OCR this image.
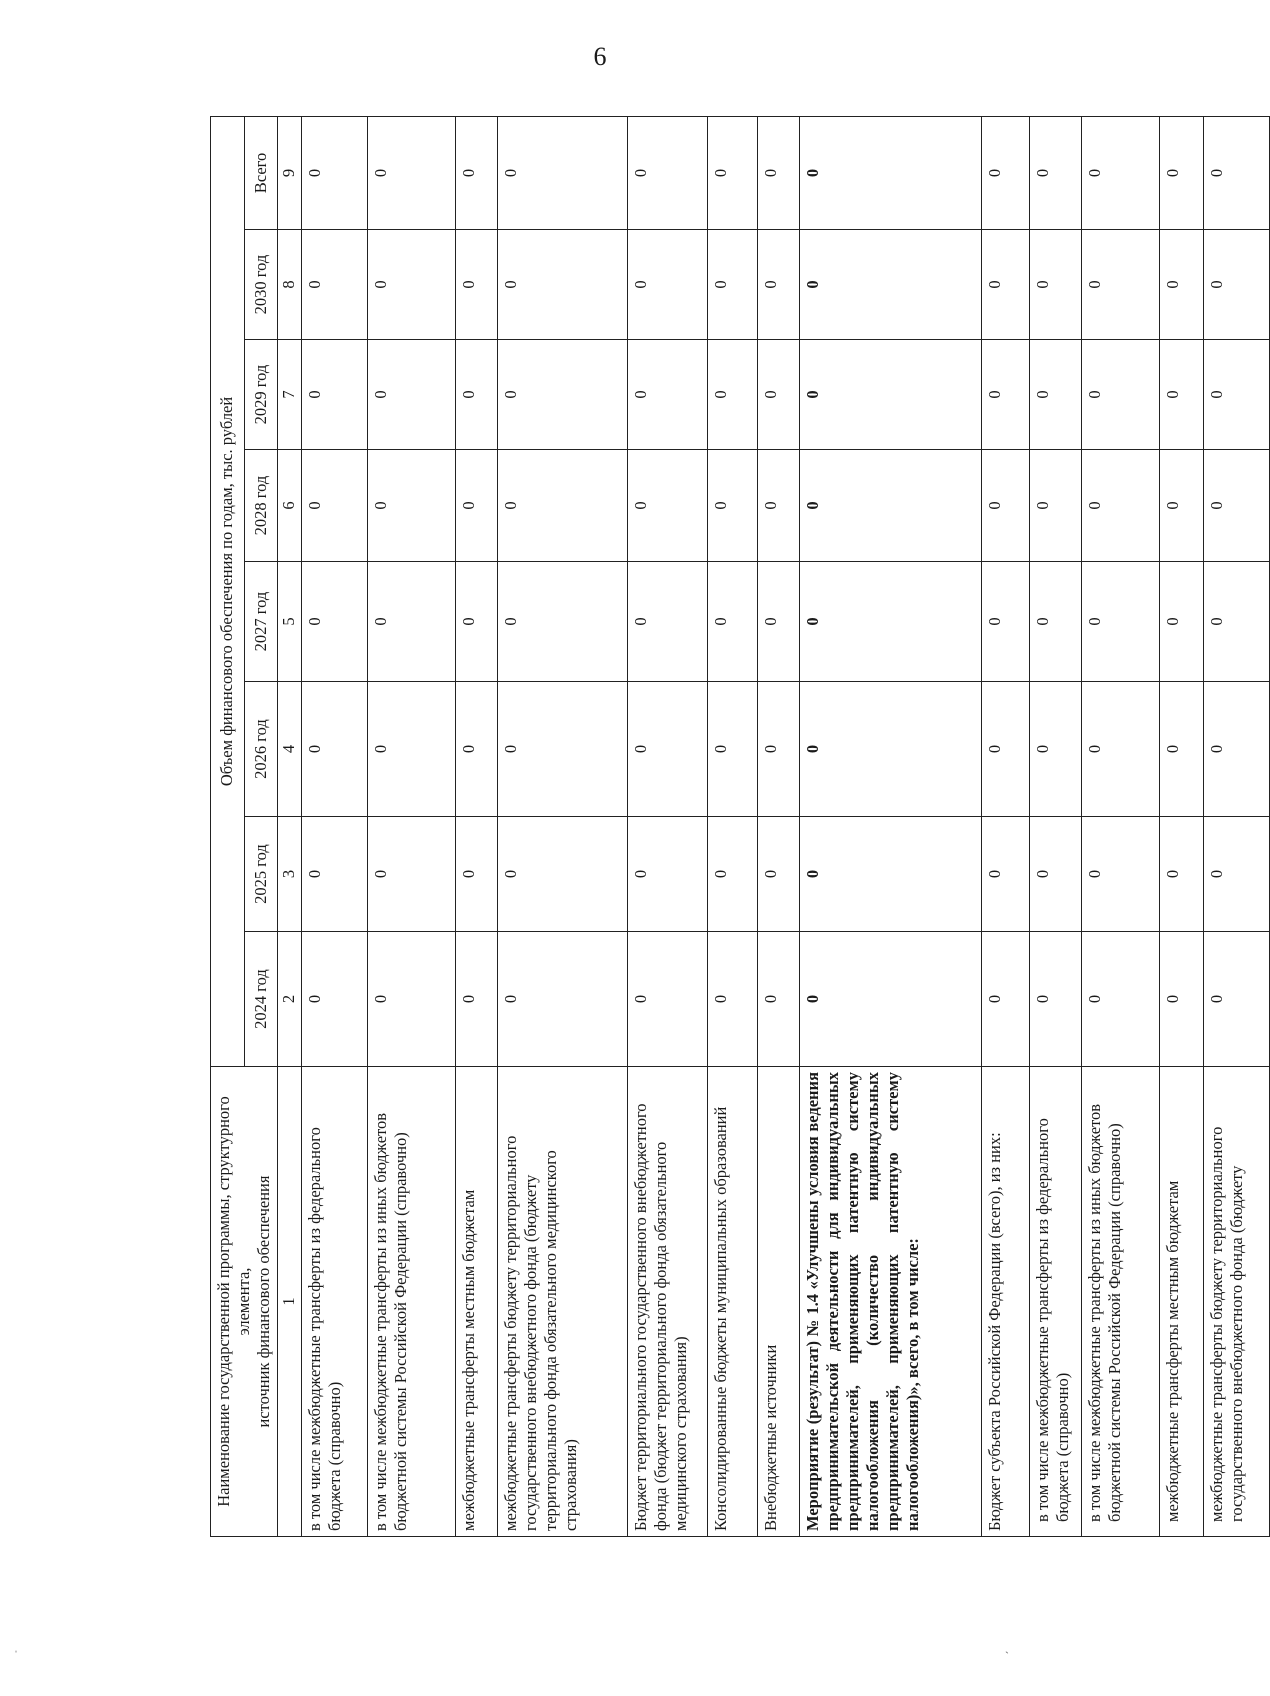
6
ˈ
ˏ
Наименование государственной программы, структурного элемента, источник финансового обеспечения	Объем финансового обеспечения по годам, тыс. рублей							
	2024 год	2025 год	2026 год	2027 год	2028 год	2029 год	2030 год	Всего
1	2	3	4	5	6	7	8	9
в том числе межбюджетные трансферты из федерального бюджета (справочно)	0	0	0	0	0	0	0	0
в том числе межбюджетные трансферты из иных бюджетов бюджетной системы Российской Федерации (справочно)	0	0	0	0	0	0	0	0
межбюджетные трансферты местным бюджетам	0	0	0	0	0	0	0	0
межбюджетные трансферты бюджету территориального государственного внебюджетного фонда (бюджету территориального фонда обязательного медицинского страхования)	0	0	0	0	0	0	0	0
Бюджет территориального государственного внебюджетного фонда (бюджет территориального фонда обязательного медицинского страхования)	0	0	0	0	0	0	0	0
Консолидированные бюджеты муниципальных образований	0	0	0	0	0	0	0	0
Внебюджетные источники	0	0	0	0	0	0	0	0
Мероприятие (результат) № 1.4 «Улучшены условия ведения предпринимательской деятельности для индивидуальных предпринимателей, применяющих патентную систему налогообложения (количество индивидуальных предпринимателей, применяющих патентную систему налогообложения)», всего, в том числе:	0	0	0	0	0	0	0	0
Бюджет субъекта Российской Федерации (всего), из них:	0	0	0	0	0	0	0	0
в том числе межбюджетные трансферты из федерального бюджета (справочно)	0	0	0	0	0	0	0	0
в том числе межбюджетные трансферты из иных бюджетов бюджетной системы Российской Федерации (справочно)	0	0	0	0	0	0	0	0
межбюджетные трансферты местным бюджетам	0	0	0	0	0	0	0	0
межбюджетные трансферты бюджету территориального государственного внебюджетного фонда (бюджету	0	0	0	0	0	0	0	0
